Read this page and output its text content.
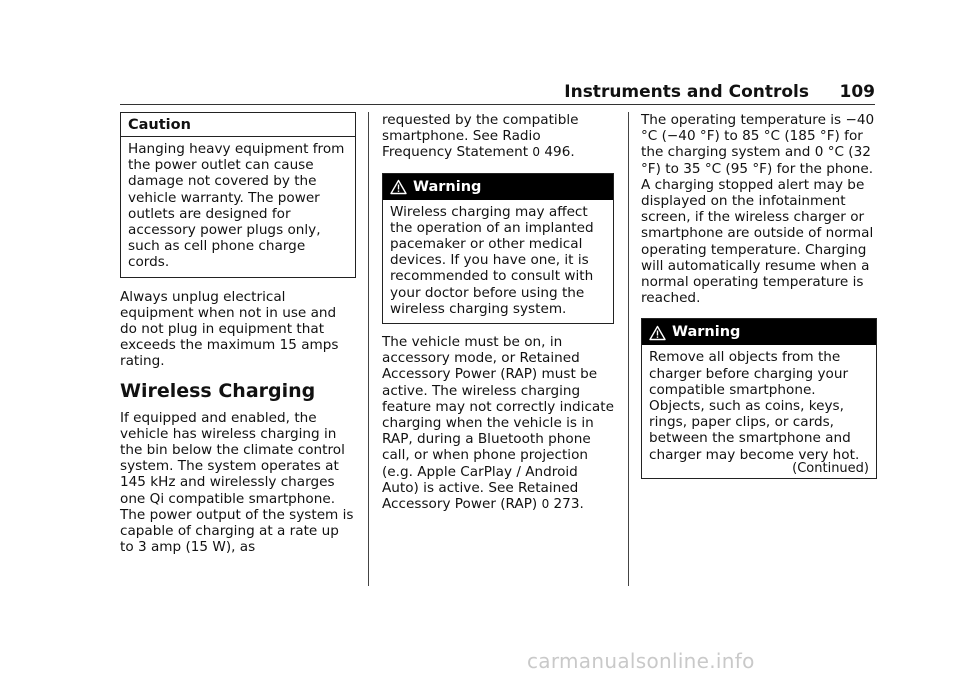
Instruments and Controls 109
Caution

Hanging heavy equipment from the power outlet can cause damage not covered by the vehicle warranty. The power outlets are designed for accessory power plugs only, such as cell phone charge cords.

Always unplug electrical equipment when not in use and do not plug in equipment that exceeds the maximum 15 amps rating.

Wireless Charging

If equipped and enabled, the vehicle has wireless charging in the bin below the climate control system. The system operates at 145 kHz and wirelessly charges one Qi compatible smartphone. The power output of the system is capable of charging at a rate up to 3 amp (15 W), as

requested by the compatible smartphone. See Radio Frequency Statement 0 496.

Warning

Wireless charging may affect the operation of an implanted pacemaker or other medical devices. If you have one, it is recommended to consult with your doctor before using the wireless charging system.

The vehicle must be on, in accessory mode, or Retained Accessory Power (RAP) must be active. The wireless charging feature may not correctly indicate charging when the vehicle is in RAP, during a Bluetooth phone call, or when phone projection (e.g. Apple CarPlay / Android Auto) is active. See Retained Accessory Power (RAP) 0 273.

The operating temperature is −40 °C (−40 °F) to 85 °C (185 °F) for the charging system and 0 °C (32 °F) to 35 °C (95 °F) for the phone. A charging stopped alert may be displayed on the infotainment screen, if the wireless charger or smartphone are outside of normal operating temperature. Charging will automatically resume when a normal operating temperature is reached.

Warning

Remove all objects from the charger before charging your compatible smartphone. Objects, such as coins, keys, rings, paper clips, or cards, between the smartphone and charger may become very hot.

(Continued)
carmanualsonline.info
